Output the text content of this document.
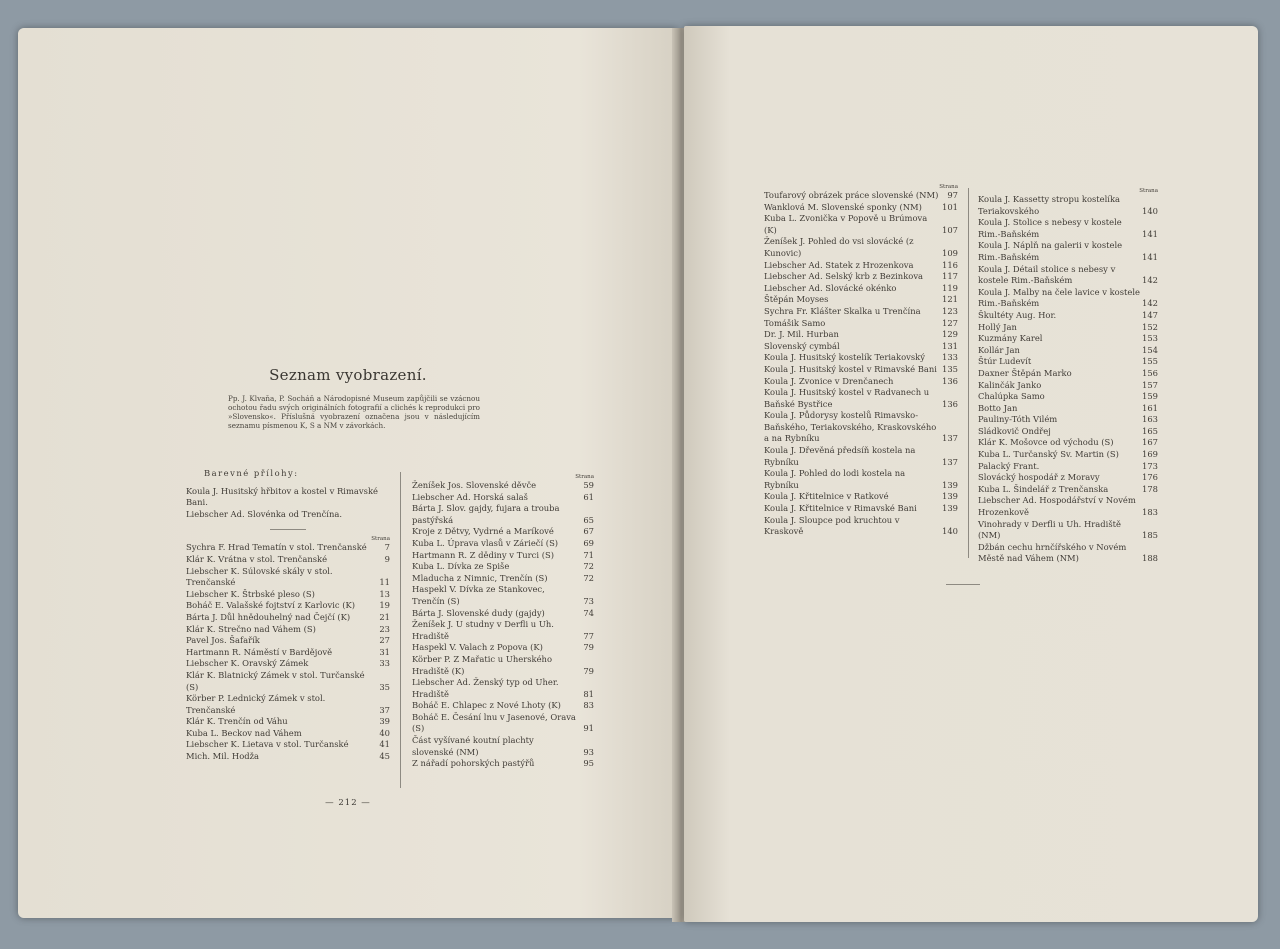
Seznam vyobrazení.
Pp. J. Klvaňa, P. Socháň a Národopisné Museum zapůjčili se vzácnou ochotou řadu svých originálních fotografií a clichés k reprodukci pro »Slovensko«. Příslušná vyobrazení označena jsou v následujícím seznamu písmenou K, S a NM v závorkách.
Barevné přílohy:
Koula J. Husitský hřbitov a kostel v Rimavské Bani.
Liebscher Ad. Slovénka od Trenčína.
Strana
Sychra F. Hrad Tematín v stol. Trenčanské	7
Klár K. Vrátna v stol. Trenčanské	9
Liebscher K. Súlovské skály v stol. Trenčanské	11
Liebscher K. Štrbské pleso (S)	13
Boháč E. Valašské fojtství z Karlovic (K)	19
Bárta J. Důl hnědouhelný nad Čejčí (K)	21
Klár K. Strečno nad Váhem (S)	23
Pavel Jos. Šafařík	27
Hartmann R. Náměstí v Bardějově	31
Liebscher K. Oravský Zámek	33
Klár K. Blatnický Zámek v stol. Turčanské (S)	35
Körber P. Lednický Zámek v stol. Trenčanské	37
Klár K. Trenčín od Váhu	39
Kuba L. Beckov nad Váhem	40
Liebscher K. Lietava v stol. Turčanské	41
Mich. Mil. Hodža	45
Strana
Ženíšek Jos. Slovenské děvče	59
Liebscher Ad. Horská salaš	61
Bárta J. Slov. gajdy, fujara a trouba pastýřská	65
Kroje z Dětvy, Vydrné a Maríkové	67
Kuba L. Úprava vlasů v Záriečí (S)	69
Hartmann R. Z dědiny v Turci (S)	71
Kuba L. Dívka ze Spiše	72
Mladucha z Nimnic, Trenčín (S)	72
Haspekl V. Dívka ze Stankovec, Trenčín (S)	73
Bárta J. Slovenské dudy (gajdy)	74
Ženíšek J. U studny v Derfli u Uh. Hradiště	77
Haspekl V. Valach z Popova (K)	79
Körber P. Z Mařatic u Uherského Hradiště (K)	79
Liebscher Ad. Ženský typ od Uher. Hradiště	81
Boháč E. Chlapec z Nové Lhoty (K)	83
Boháč E. Česání lnu v Jasenové, Orava (S)	91
Část vyšívané koutní plachty slovenské (NM)	93
Z nářadí pohorských pastýřů	95
— 212 —
Strana
Toufarový obrázek práce slovenské (NM)	97
Wanklová M. Slovenské sponky (NM)	101
Kuba L. Zvonička v Popově u Brúmova (K)	107
Ženíšek J. Pohled do vsi slovácké (z Kunovic)	109
Liebscher Ad. Statek z Hrozenkova	116
Liebscher Ad. Selský krb z Bezinkova	117
Liebscher Ad. Slovácké okénko	119
Štěpán Moyses	121
Sychra Fr. Klášter Skalka u Trenčína	123
Tomášik Samo	127
Dr. J. Mil. Hurban	129
Slovenský cymbál	131
Koula J. Husitský kostelík Teriakovský	133
Koula J. Husitský kostel v Rimavské Bani 135
Koula J. Zvonice v Drenčanech	136
Koula J. Husitský kostel v Radvanech u Baňské Bystřice	136
Koula J. Půdorysy kostelů Rimavsko-Baňského, Teriakovského, Kraskovského a na Rybníku	137
Koula J. Dřevěná předsíň kostela na Rybníku	137
Koula J. Pohled do lodi kostela na Rybníku	139
Koula J. Křtitelnice v Ratkové	139
Koula J. Křtitelnice v Rimavské Bani	139
Koula J. Sloupce pod kruchtou v Kraskově	140
Strana
Koula J. Kassetty stropu kostelíka Teriakovského	140
Koula J. Stolice s nebesy v kostele Rim.-Baňském	141
Koula J. Náplň na galerii v kostele Rim.-Baňském	141
Koula J. Détail stolice s nebesy v kostele Rim.-Baňském	142
Koula J. Malby na čele lavice v kostele Rim.-Baňském	142
Škultéty Aug. Hor.	147
Hollý Jan	152
Kuzmány Karel	153
Kollár Jan	154
Štúr Ludevít	155
Daxner Štěpán Marko	156
Kalinčák Janko	157
Chalúpka Samo	159
Botto Jan	161
Pauliny-Tóth Vilém	163
Sládkovič Ondřej	165
Klár K. Mošovce od východu (S)	167
Kuba L. Turčanský Sv. Martin (S)	169
Palacký Frant.	173
Slovácký hospodář z Moravy	176
Kuba L. Šindelář z Trenčanska	178
Liebscher Ad. Hospodářství v Novém Hrozenkově	183
Vinohrady v Derfli u Uh. Hradiště (NM)	185
Džbán cechu hrnčířského v Novém Městě nad Váhem (NM)	188
